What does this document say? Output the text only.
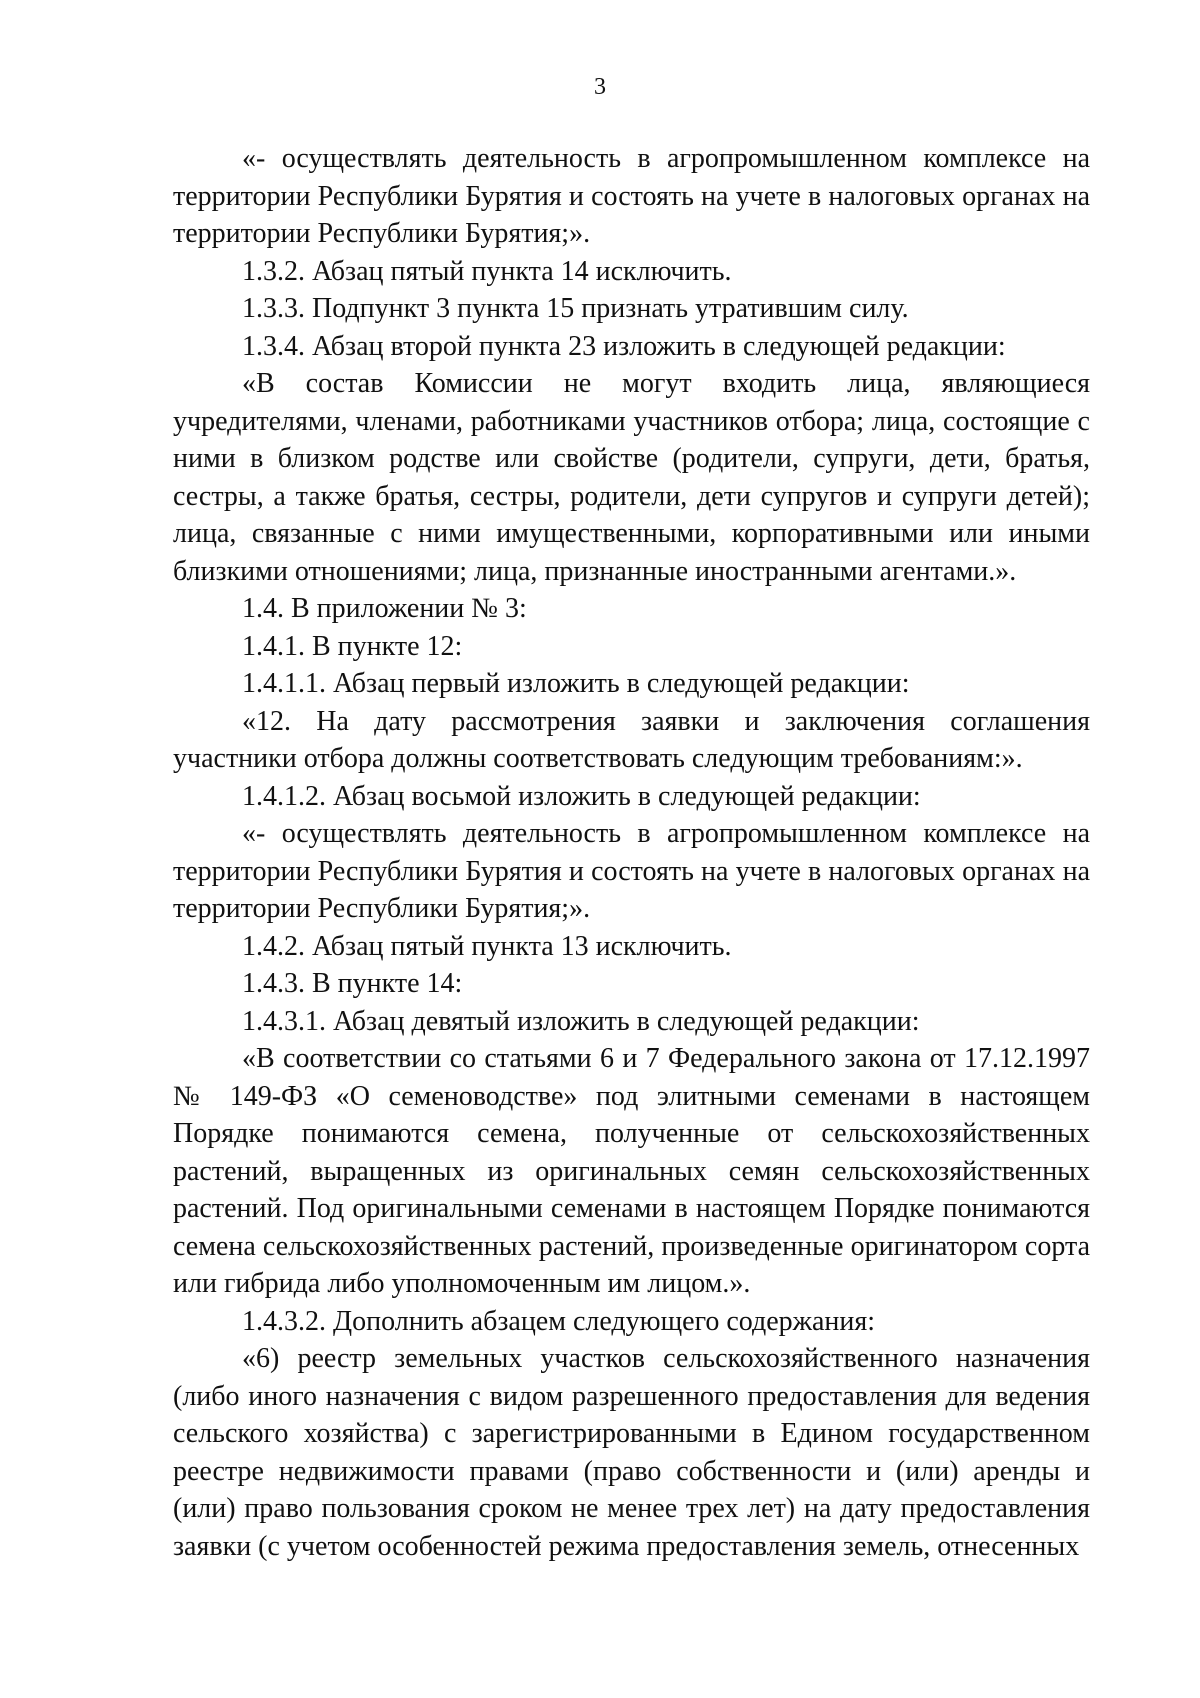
3

«- осуществлять деятельность в агропромышленном комплексе на территории Республики Бурятия и состоять на учете в налоговых органах на территории Республики Бурятия;».

1.3.2. Абзац пятый пункта 14 исключить.

1.3.3. Подпункт 3 пункта 15 признать утратившим силу.

1.3.4. Абзац второй пункта 23 изложить в следующей редакции:

«В состав Комиссии не могут входить лица, являющиеся учредителями, членами, работниками участников отбора; лица, состоящие с ними в близком родстве или свойстве (родители, супруги, дети, братья, сестры, а также братья, сестры, родители, дети супругов и супруги детей); лица, связанные с ними имущественными, корпоративными или иными близкими отношениями; лица, признанные иностранными агентами.».

1.4. В приложении № 3:

1.4.1. В пункте 12:

1.4.1.1. Абзац первый изложить в следующей редакции:

«12. На дату рассмотрения заявки и заключения соглашения участники отбора должны соответствовать следующим требованиям:».

1.4.1.2. Абзац восьмой изложить в следующей редакции:

«- осуществлять деятельность в агропромышленном комплексе на территории Республики Бурятия и состоять на учете в налоговых органах на территории Республики Бурятия;».

1.4.2. Абзац пятый пункта 13 исключить.

1.4.3. В пункте 14:

1.4.3.1. Абзац девятый изложить в следующей редакции:

«В соответствии со статьями 6 и 7 Федерального закона от 17.12.1997 № 149-ФЗ «О семеноводстве» под элитными семенами в настоящем Порядке понимаются семена, полученные от сельскохозяйственных растений, выращенных из оригинальных семян сельскохозяйственных растений. Под оригинальными семенами в настоящем Порядке понимаются семена сельскохозяйственных растений, произведенные оригинатором сорта или гибрида либо уполномоченным им лицом.».

1.4.3.2. Дополнить абзацем следующего содержания:

«6) реестр земельных участков сельскохозяйственного назначения (либо иного назначения с видом разрешенного предоставления для ведения сельского хозяйства) с зарегистрированными в Едином государственном реестре недвижимости правами (право собственности и (или) аренды и (или) право пользования сроком не менее трех лет) на дату предоставления заявки (с учетом особенностей режима предоставления земель, отнесенных
